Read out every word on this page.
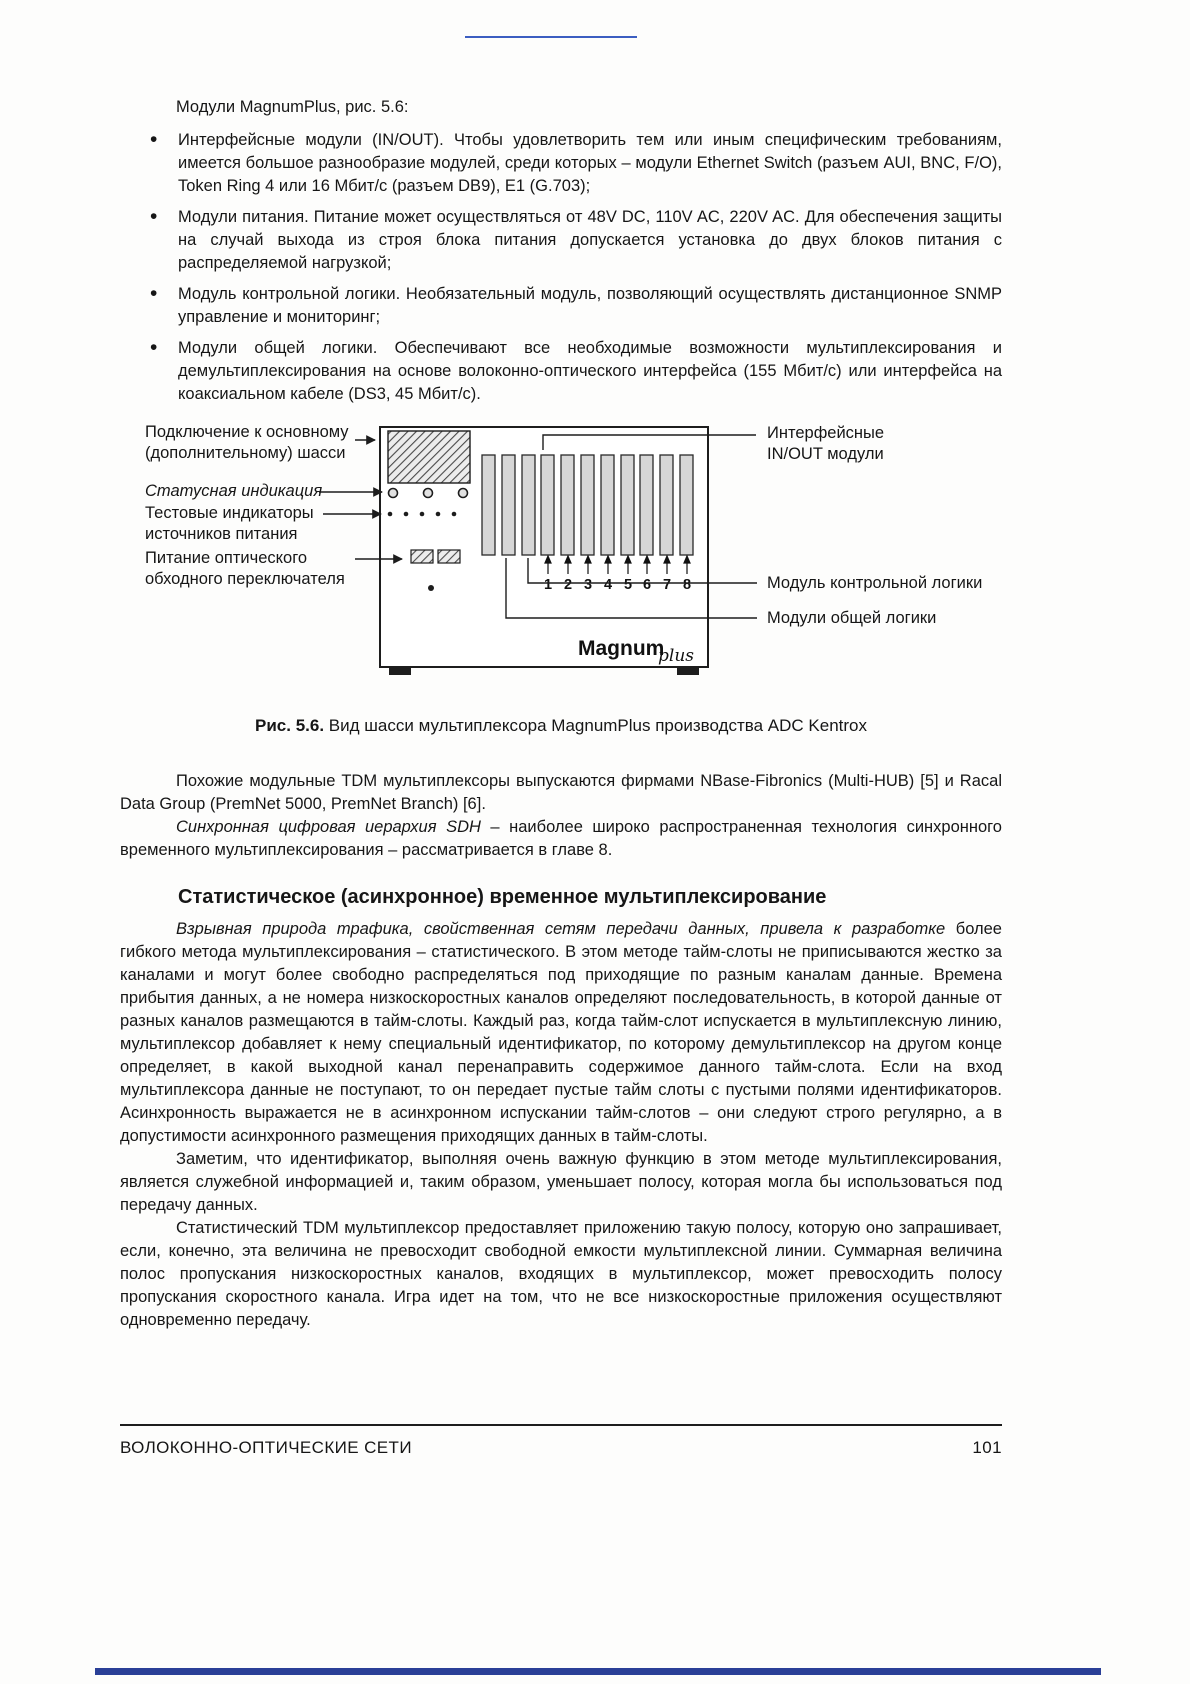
Модули MagnumPlus, рис. 5.6:

• Интерфейсные модули (IN/OUT). Чтобы удовлетворить тем или иным специфическим требованиям, имеется большое разнообразие модулей, среди которых – модули Ethernet Switch (разъем AUI, BNC, F/O), Token Ring 4 или 16 Мбит/с (разъем DB9), E1 (G.703);
• Модули питания. Питание может осуществляться от 48V DC, 110V AC, 220V AC. Для обеспечения защиты на случай выхода из строя блока питания допускается установка до двух блоков питания с распределяемой нагрузкой;
• Модуль контрольной логики. Необязательный модуль, позволяющий осуществлять дистанционное SNMP управление и мониторинг;
• Модули общей логики. Обеспечивают все необходимые возможности мультиплексирования и демультиплексирования на основе волоконно-оптического интерфейса (155 Мбит/с) или интерфейса на коаксиальном кабеле (DS3, 45 Мбит/с).
1 2 3 4 5 6 7 8
Magnum
plus
Подключение к основному (дополнительному) шасси
Статусная индикация
Тестовые индикаторы источников питания
Питание оптического обходного переключателя
Интерфейсные IN/OUT модули
Модуль контрольной логики
Модули общей логики

Рис. 5.6. Вид шасси мультиплексора MagnumPlus производства ADC Kentrox

Похожие модульные TDM мультиплексоры выпускаются фирмами NBase-Fibronics (Multi-HUB) [5] и Racal Data Group (PremNet 5000, PremNet Branch) [6].

Синхронная цифровая иерархия SDH – наиболее широко распространенная технология синхронного временного мультиплексирования – рассматривается в главе 8.

Статистическое (асинхронное) временное мультиплексирование

Взрывная природа трафика, свойственная сетям передачи данных, привела к разработке более гибкого метода мультиплексирования – статистического. В этом методе тайм-слоты не приписываются жестко за каналами и могут более свободно распределяться под приходящие по разным каналам данные. Времена прибытия данных, а не номера низкоскоростных каналов определяют последовательность, в которой данные от разных каналов размещаются в тайм-слоты. Каждый раз, когда тайм-слот испускается в мультиплексную линию, мультиплексор добавляет к нему специальный идентификатор, по которому демультиплексор на другом конце определяет, в какой выходной канал перенаправить содержимое данного тайм-слота. Если на вход мультиплексора данные не поступают, то он передает пустые тайм слоты с пустыми полями идентификаторов. Асинхронность выражается не в асинхронном испускании тайм-слотов – они следуют строго регулярно, а в допустимости асинхронного размещения приходящих данных в тайм-слоты.

Заметим, что идентификатор, выполняя очень важную функцию в этом методе мультиплексирования, является служебной информацией и, таким образом, уменьшает полосу, которая могла бы использоваться под передачу данных.

Статистический TDM мультиплексор предоставляет приложению такую полосу, которую оно запрашивает, если, конечно, эта величина не превосходит свободной емкости мультиплексной линии. Суммарная величина полос пропускания низкоскоростных каналов, входящих в мультиплексор, может превосходить полосу пропускания скоростного канала. Игра идет на том, что не все низкоскоростные приложения осуществляют одновременно передачу.

ВОЛОКОННО-ОПТИЧЕСКИЕ СЕТИ	101
